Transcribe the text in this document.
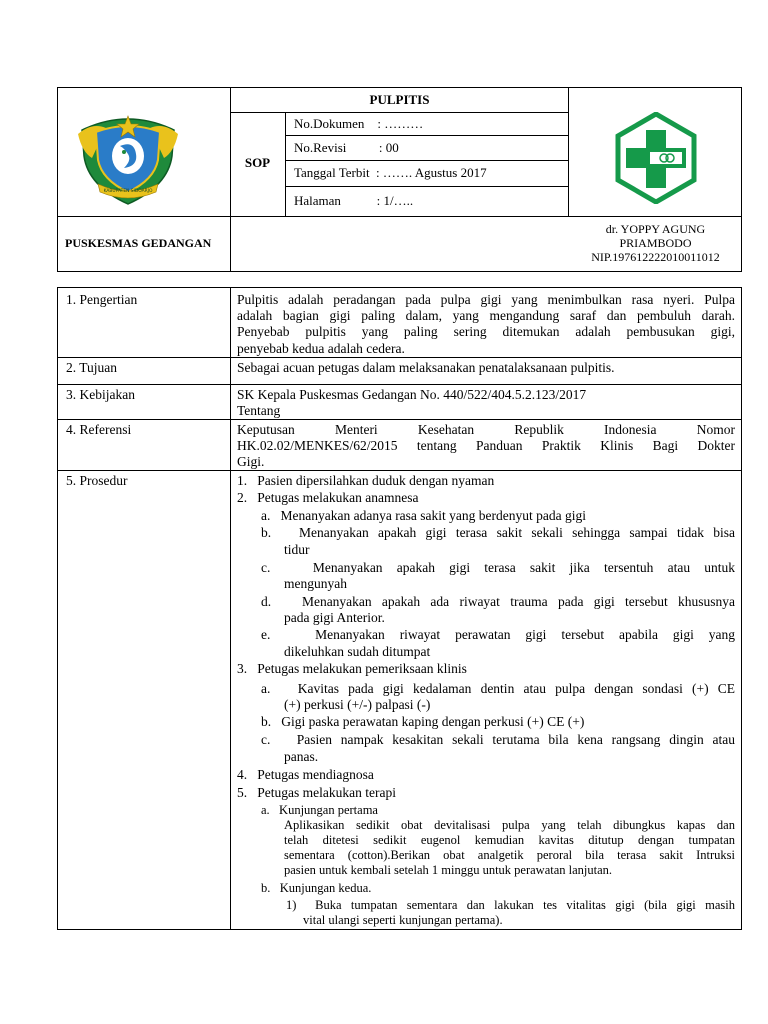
KABUPATEN SIDOARJO
PULPITIS
SOP
No.Dokumen    : ………
No.Revisi          : 00
Tanggal Terbit  : ……. Agustus 2017
Halaman           : 1/…..
PUSKESMAS GEDANGAN
dr. YOPPY AGUNG
PRIAMBODO
NIP.197612222010011012
1. Pengertian	Pulpitis adalah peradangan pada pulpa gigi yang menimbulkan rasa nyeri. Pulpa
adalah bagian gigi paling dalam, yang mengandung saraf dan pembuluh darah.
Penyebab pulpitis yang paling sering ditemukan adalah pembusukan gigi,
penyebab kedua adalah cedera.
2. Tujuan	Sebagai acuan petugas dalam melaksanakan penatalaksanaan pulpitis.
3. Kebijakan	SK Kepala Puskesmas Gedangan No. 440/522/404.5.2.123/2017
Tentang
4. Referensi	Keputusan Menteri Kesehatan Republik Indonesia Nomor
HK.02.02/MENKES/62/2015 tentang Panduan Praktik Klinis Bagi Dokter
Gigi.
5. Prosedur	1.   Pasien dipersilahkan duduk dengan nyaman
2.   Petugas melakukan anamnesa
a.   Menanyakan adanya rasa sakit yang berdenyut pada gigi
b.   Menanyakan apakah gigi terasa sakit sekali sehingga sampai tidak bisa
tidur
c.   Menanyakan apakah gigi terasa sakit jika tersentuh atau untuk
mengunyah
d.   Menanyakan apakah ada riwayat trauma pada gigi tersebut khususnya
pada gigi Anterior.
e.   Menanyakan riwayat perawatan gigi tersebut apabila gigi yang
dikeluhkan sudah ditumpat
3.   Petugas melakukan pemeriksaan klinis
a.   Kavitas pada gigi kedalaman dentin atau pulpa dengan sondasi (+) CE
(+) perkusi (+/-) palpasi (-)
b.   Gigi paska perawatan kaping dengan perkusi (+) CE (+)
c.   Pasien nampak kesakitan sekali terutama bila kena rangsang dingin atau
panas.
4.   Petugas mendiagnosa
5.   Petugas melakukan terapi
a.   Kunjungan pertama
Aplikasikan sedikit obat devitalisasi pulpa yang telah dibungkus kapas dan
telah ditetesi sedikit eugenol kemudian kavitas ditutup dengan tumpatan
sementara (cotton).Berikan obat analgetik peroral bila terasa sakit Intruksi
pasien untuk kembali setelah 1 minggu untuk perawatan lanjutan.
b.   Kunjungan kedua.
1)  Buka tumpatan sementara dan lakukan tes vitalitas gigi (bila gigi masih
vital ulangi seperti kunjungan pertama).
